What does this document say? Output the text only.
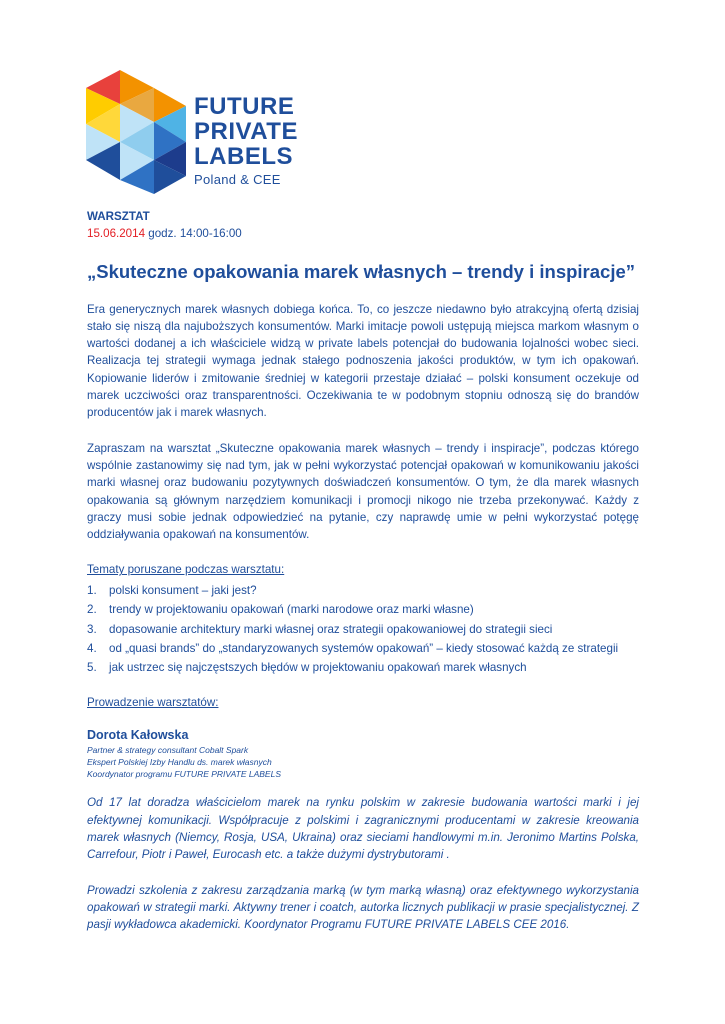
FUTURE
PRIVATE
LABELS
Poland & CEE
WARSZTAT
15.06.2014 godz. 14:00-16:00
„Skuteczne opakowania marek własnych – trendy i inspiracje”

Era generycznych marek własnych dobiega końca. To, co jeszcze niedawno było atrakcyjną ofertą dzisiaj stało się niszą dla najuboższych konsumentów. Marki imitacje powoli ustępują miejsca markom własnym o wartości dodanej a ich właściciele widzą w private labels potencjał do budowania lojalności wobec sieci. Realizacja tej strategii wymaga jednak stałego podnoszenia jakości produktów, w tym ich opakowań. Kopiowanie liderów i zmitowanie średniej w kategorii przestaje działać – polski konsument oczekuje od marek uczciwości oraz transparentności. Oczekiwania te w podobnym stopniu odnoszą się do brandów producentów jak i marek własnych.

Zapraszam na warsztat „Skuteczne opakowania marek własnych – trendy i inspiracje”, podczas którego wspólnie zastanowimy się nad tym, jak w pełni wykorzystać potencjał opakowań w komunikowaniu jakości marki własnej oraz budowaniu pozytywnych doświadczeń konsumentów. O tym, że dla marek własnych opakowania są głównym narzędziem komunikacji i promocji nikogo nie trzeba przekonywać. Każdy z graczy musi sobie jednak odpowiedzieć na pytanie, czy naprawdę umie w pełni wykorzystać potęgę oddziaływania opakowań na konsumentów.

Tematy poruszane podczas warsztatu:
1. polski konsument – jaki jest?
2. trendy w projektowaniu opakowań (marki narodowe oraz marki własne)
3. dopasowanie architektury marki własnej oraz strategii opakowaniowej do strategii sieci
4. od „quasi brands” do „standaryzowanych systemów opakowań” – kiedy stosować każdą ze strategii
5. jak ustrzec się najczęstszych błędów w projektowaniu opakowań marek własnych
Prowadzenie warsztatów:
Dorota Kałowska
Partner & strategy consultant Cobalt Spark
Ekspert Polskiej Izby Handlu ds. marek własnych
Koordynator programu FUTURE PRIVATE LABELS

Od 17 lat doradza właścicielom marek na rynku polskim w zakresie budowania wartości marki i jej efektywnej komunikacji. Współpracuje z polskimi i zagranicznymi producentami w zakresie kreowania marek własnych (Niemcy, Rosja, USA, Ukraina) oraz sieciami handlowymi m.in. Jeronimo Martins Polska, Carrefour, Piotr i Paweł, Eurocash etc. a także dużymi dystrybutorami .

Prowadzi szkolenia z zakresu zarządzania marką (w tym marką własną) oraz efektywnego wykorzystania opakowań w strategii marki. Aktywny trener i coatch, autorka licznych publikacji w prasie specjalistycznej. Z pasji wykładowca akademicki. Koordynator Programu FUTURE PRIVATE LABELS CEE 2016.
